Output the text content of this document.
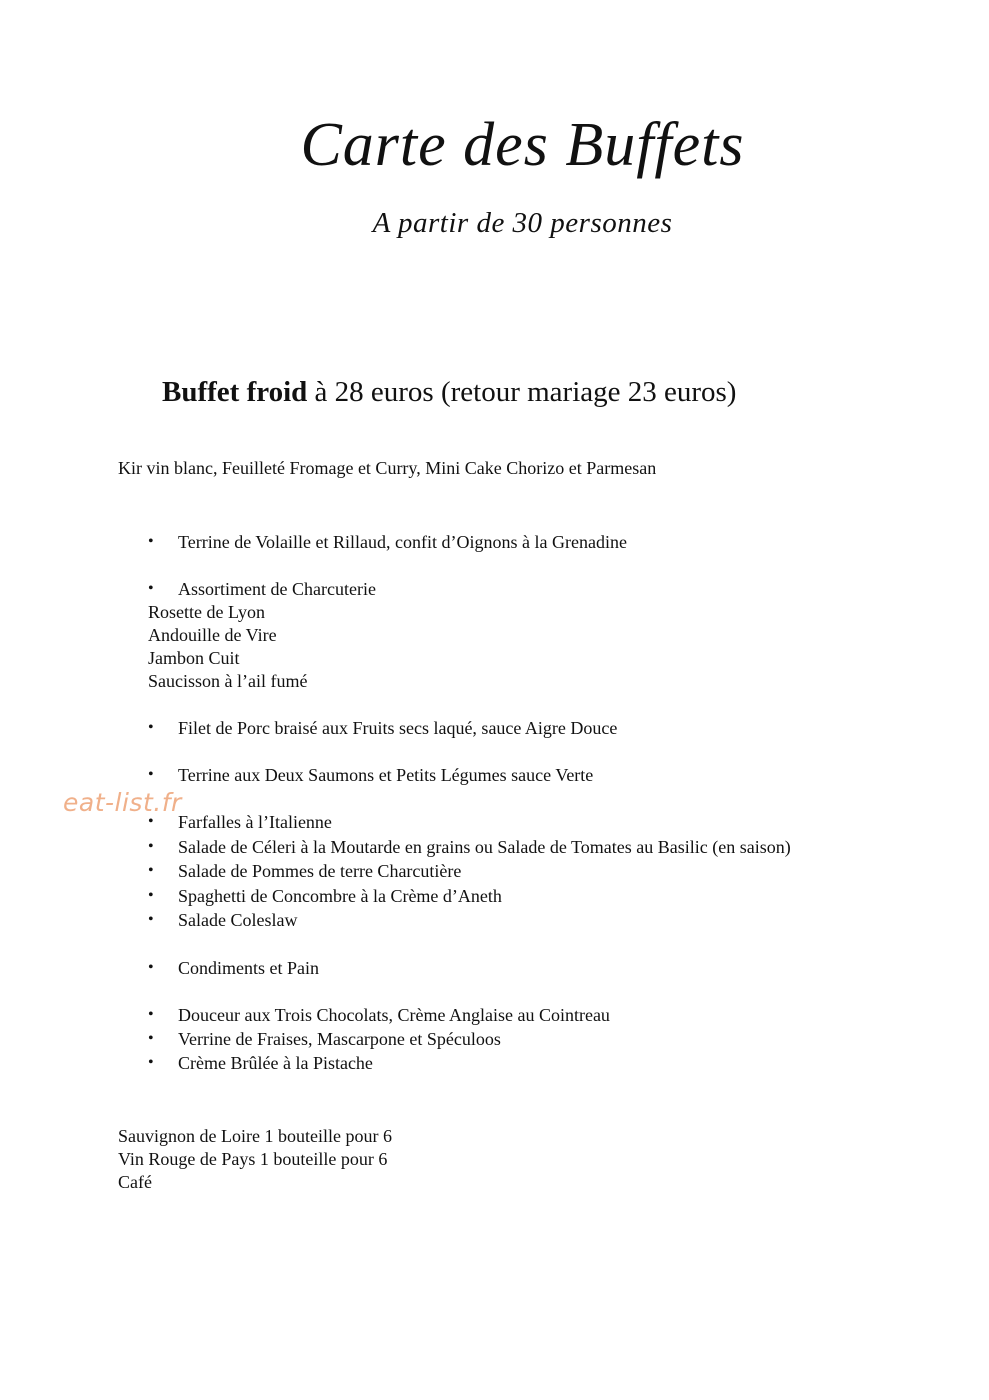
Carte des Buffets
A partir de 30 personnes
Buffet froid à 28 euros (retour mariage 23 euros)
Kir vin blanc, Feuilleté Fromage et Curry, Mini Cake Chorizo et Parmesan
• Terrine de Volaille et Rillaud, confit d’Oignons à la Grenadine
• Assortiment de Charcuterie
Rosette de Lyon
Andouille de Vire
Jambon Cuit
Saucisson à l’ail fumé
• Filet de Porc braisé aux Fruits secs laqué, sauce Aigre Douce
• Terrine aux Deux Saumons et Petits Légumes sauce Verte
• Farfalles à l’Italienne
• Salade de Céleri à la Moutarde en grains ou Salade de Tomates au Basilic (en saison)
• Salade de Pommes de terre Charcutière
• Spaghetti de Concombre à la Crème d’Aneth
• Salade Coleslaw
• Condiments et Pain
• Douceur aux Trois Chocolats, Crème Anglaise au Cointreau
• Verrine de Fraises, Mascarpone et Spéculoos
• Crème Brûlée à la Pistache
Sauvignon de Loire 1 bouteille pour 6
Vin Rouge de Pays 1 bouteille pour 6
Café
eat-list.fr
